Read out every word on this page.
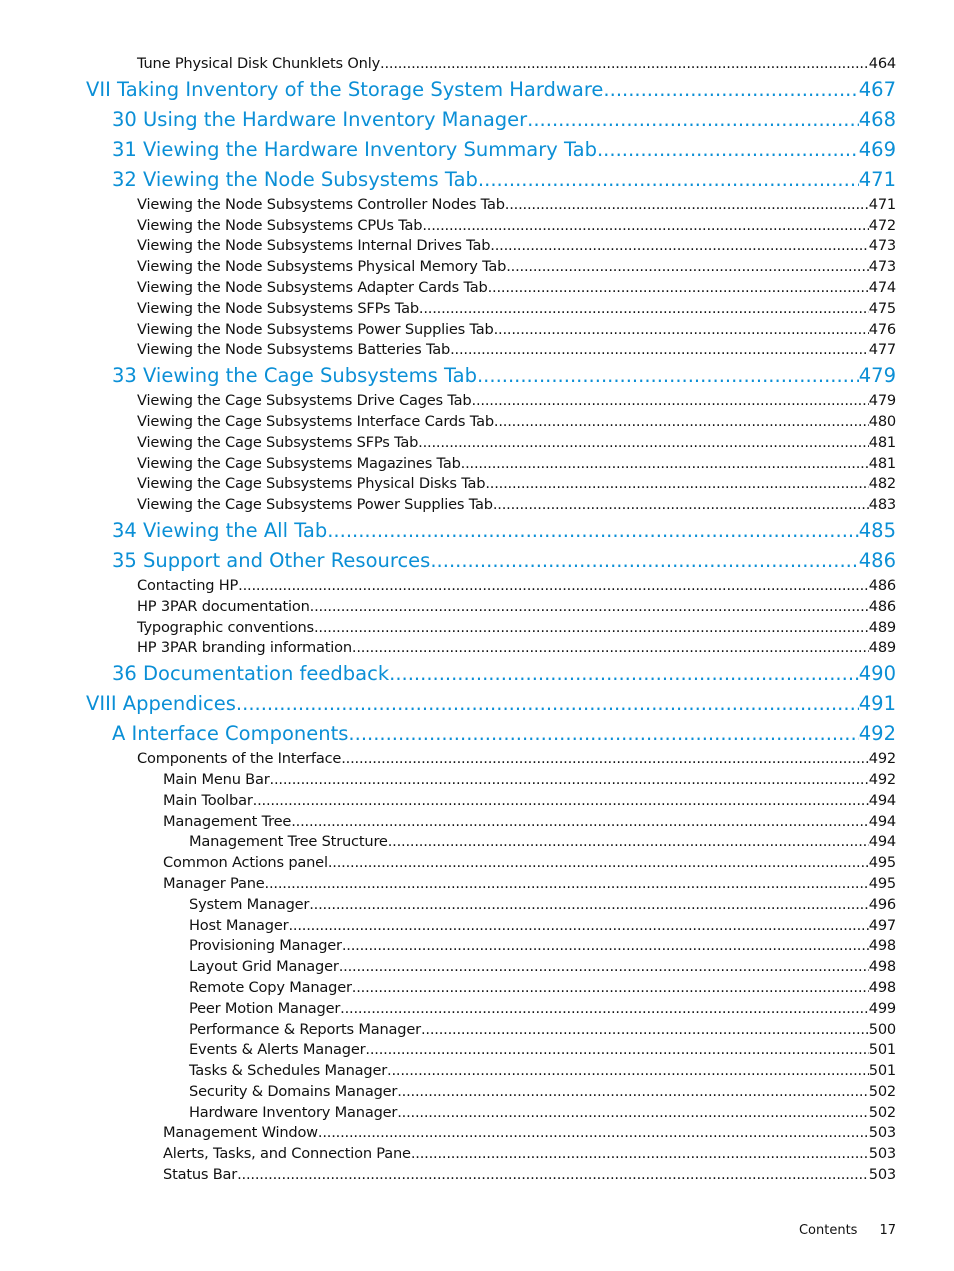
Tune Physical Disk Chunklets Only .....	464
VII Taking Inventory of the Storage System Hardware .....	467
30 Using the Hardware Inventory Manager .....	468
31 Viewing the Hardware Inventory Summary Tab .....	469
32 Viewing the Node Subsystems Tab .....	471
Viewing the Node Subsystems Controller Nodes Tab .....	471
Viewing the Node Subsystems CPUs Tab .....	472
Viewing the Node Subsystems Internal Drives Tab .....	473
Viewing the Node Subsystems Physical Memory Tab .....	473
Viewing the Node Subsystems Adapter Cards Tab .....	474
Viewing the Node Subsystems SFPs Tab .....	475
Viewing the Node Subsystems Power Supplies Tab .....	476
Viewing the Node Subsystems Batteries Tab .....	477
33 Viewing the Cage Subsystems Tab .....	479
Viewing the Cage Subsystems Drive Cages Tab .....	479
Viewing the Cage Subsystems Interface Cards Tab .....	480
Viewing the Cage Subsystems SFPs Tab .....	481
Viewing the Cage Subsystems Magazines Tab .....	481
Viewing the Cage Subsystems Physical Disks Tab .....	482
Viewing the Cage Subsystems Power Supplies Tab .....	483
34 Viewing the All Tab .....	485
35 Support and Other Resources .....	486
Contacting HP .....	486
HP 3PAR documentation .....	486
Typographic conventions .....	489
HP 3PAR branding information .....	489
36 Documentation feedback .....	490
VIII Appendices .....	491
A Interface Components .....	492
Components of the Interface .....	492
Main Menu Bar .....	492
Main Toolbar .....	494
Management Tree .....	494
Management Tree Structure .....	494
Common Actions panel .....	495
Manager Pane .....	495
System Manager .....	496
Host Manager .....	497
Provisioning Manager .....	498
Layout Grid Manager .....	498
Remote Copy Manager .....	498
Peer Motion Manager .....	499
Performance & Reports Manager .....	500
Events & Alerts Manager .....	501
Tasks & Schedules Manager .....	501
Security & Domains Manager .....	502
Hardware Inventory Manager .....	502
Management Window .....	503
Alerts, Tasks, and Connection Pane .....	503
Status Bar .....	503
Contents 17
